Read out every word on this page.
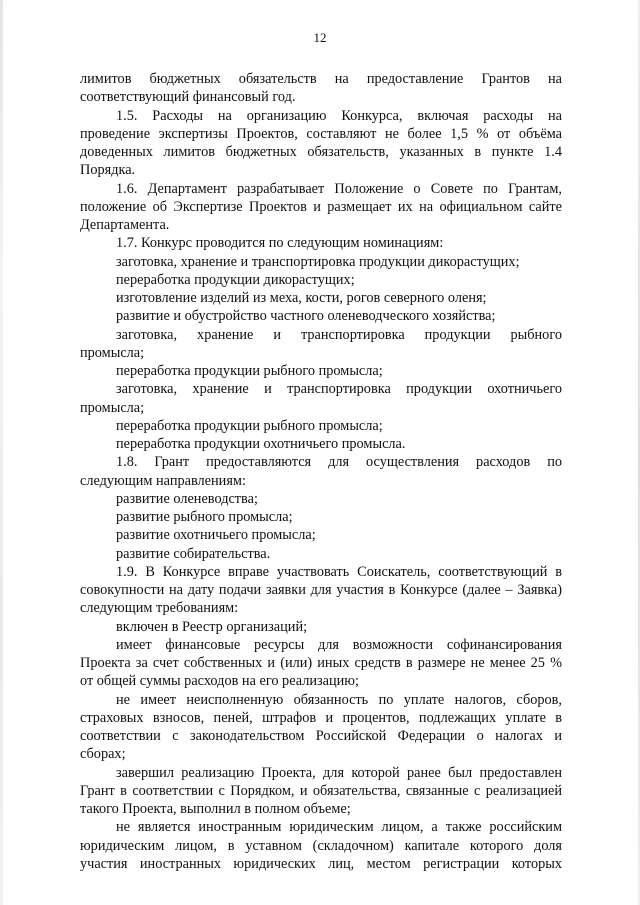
12
лимитов бюджетных обязательств на предоставление Грантов на
соответствующий финансовый год.
1.5. Расходы на организацию Конкурса, включая расходы на
проведение экспертизы Проектов, составляют не более 1,5 % от объёма
доведенных лимитов бюджетных обязательств, указанных в пункте 1.4
Порядка.
1.6. Департамент разрабатывает Положение о Совете по Грантам,
положение об Экспертизе Проектов и размещает их на официальном сайте
Департамента.
1.7. Конкурс проводится по следующим номинациям:
заготовка, хранение и транспортировка продукции дикорастущих;
переработка продукции дикорастущих;
изготовление изделий из меха, кости, рогов северного оленя;
развитие и обустройство частного оленеводческого хозяйства;
заготовка, хранение и транспортировка продукции рыбного
промысла;
переработка продукции рыбного промысла;
заготовка, хранение и транспортировка продукции охотничьего
промысла;
переработка продукции рыбного промысла;
переработка продукции охотничьего промысла.
1.8. Грант предоставляются для осуществления расходов по
следующим направлениям:
развитие оленеводства;
развитие рыбного промысла;
развитие охотничьего промысла;
развитие собирательства.
1.9. В Конкурсе вправе участвовать Соискатель, соответствующий в
совокупности на дату подачи заявки для участия в Конкурсе (далее – Заявка)
следующим требованиям:
включен в Реестр организаций;
имеет финансовые ресурсы для возможности софинансирования
Проекта за счет собственных и (или) иных средств в размере не менее 25 %
от общей суммы расходов на его реализацию;
не имеет неисполненную обязанность по уплате налогов, сборов,
страховых взносов, пеней, штрафов и процентов, подлежащих уплате в
соответствии с законодательством Российской Федерации о налогах и
сборах;
завершил реализацию Проекта, для которой ранее был предоставлен
Грант в соответствии с Порядком, и обязательства, связанные с реализацией
такого Проекта, выполнил в полном объеме;
не является иностранным юридическим лицом, а также российским
юридическим лицом, в уставном (складочном) капитале которого доля
участия иностранных юридических лиц, местом регистрации которых
